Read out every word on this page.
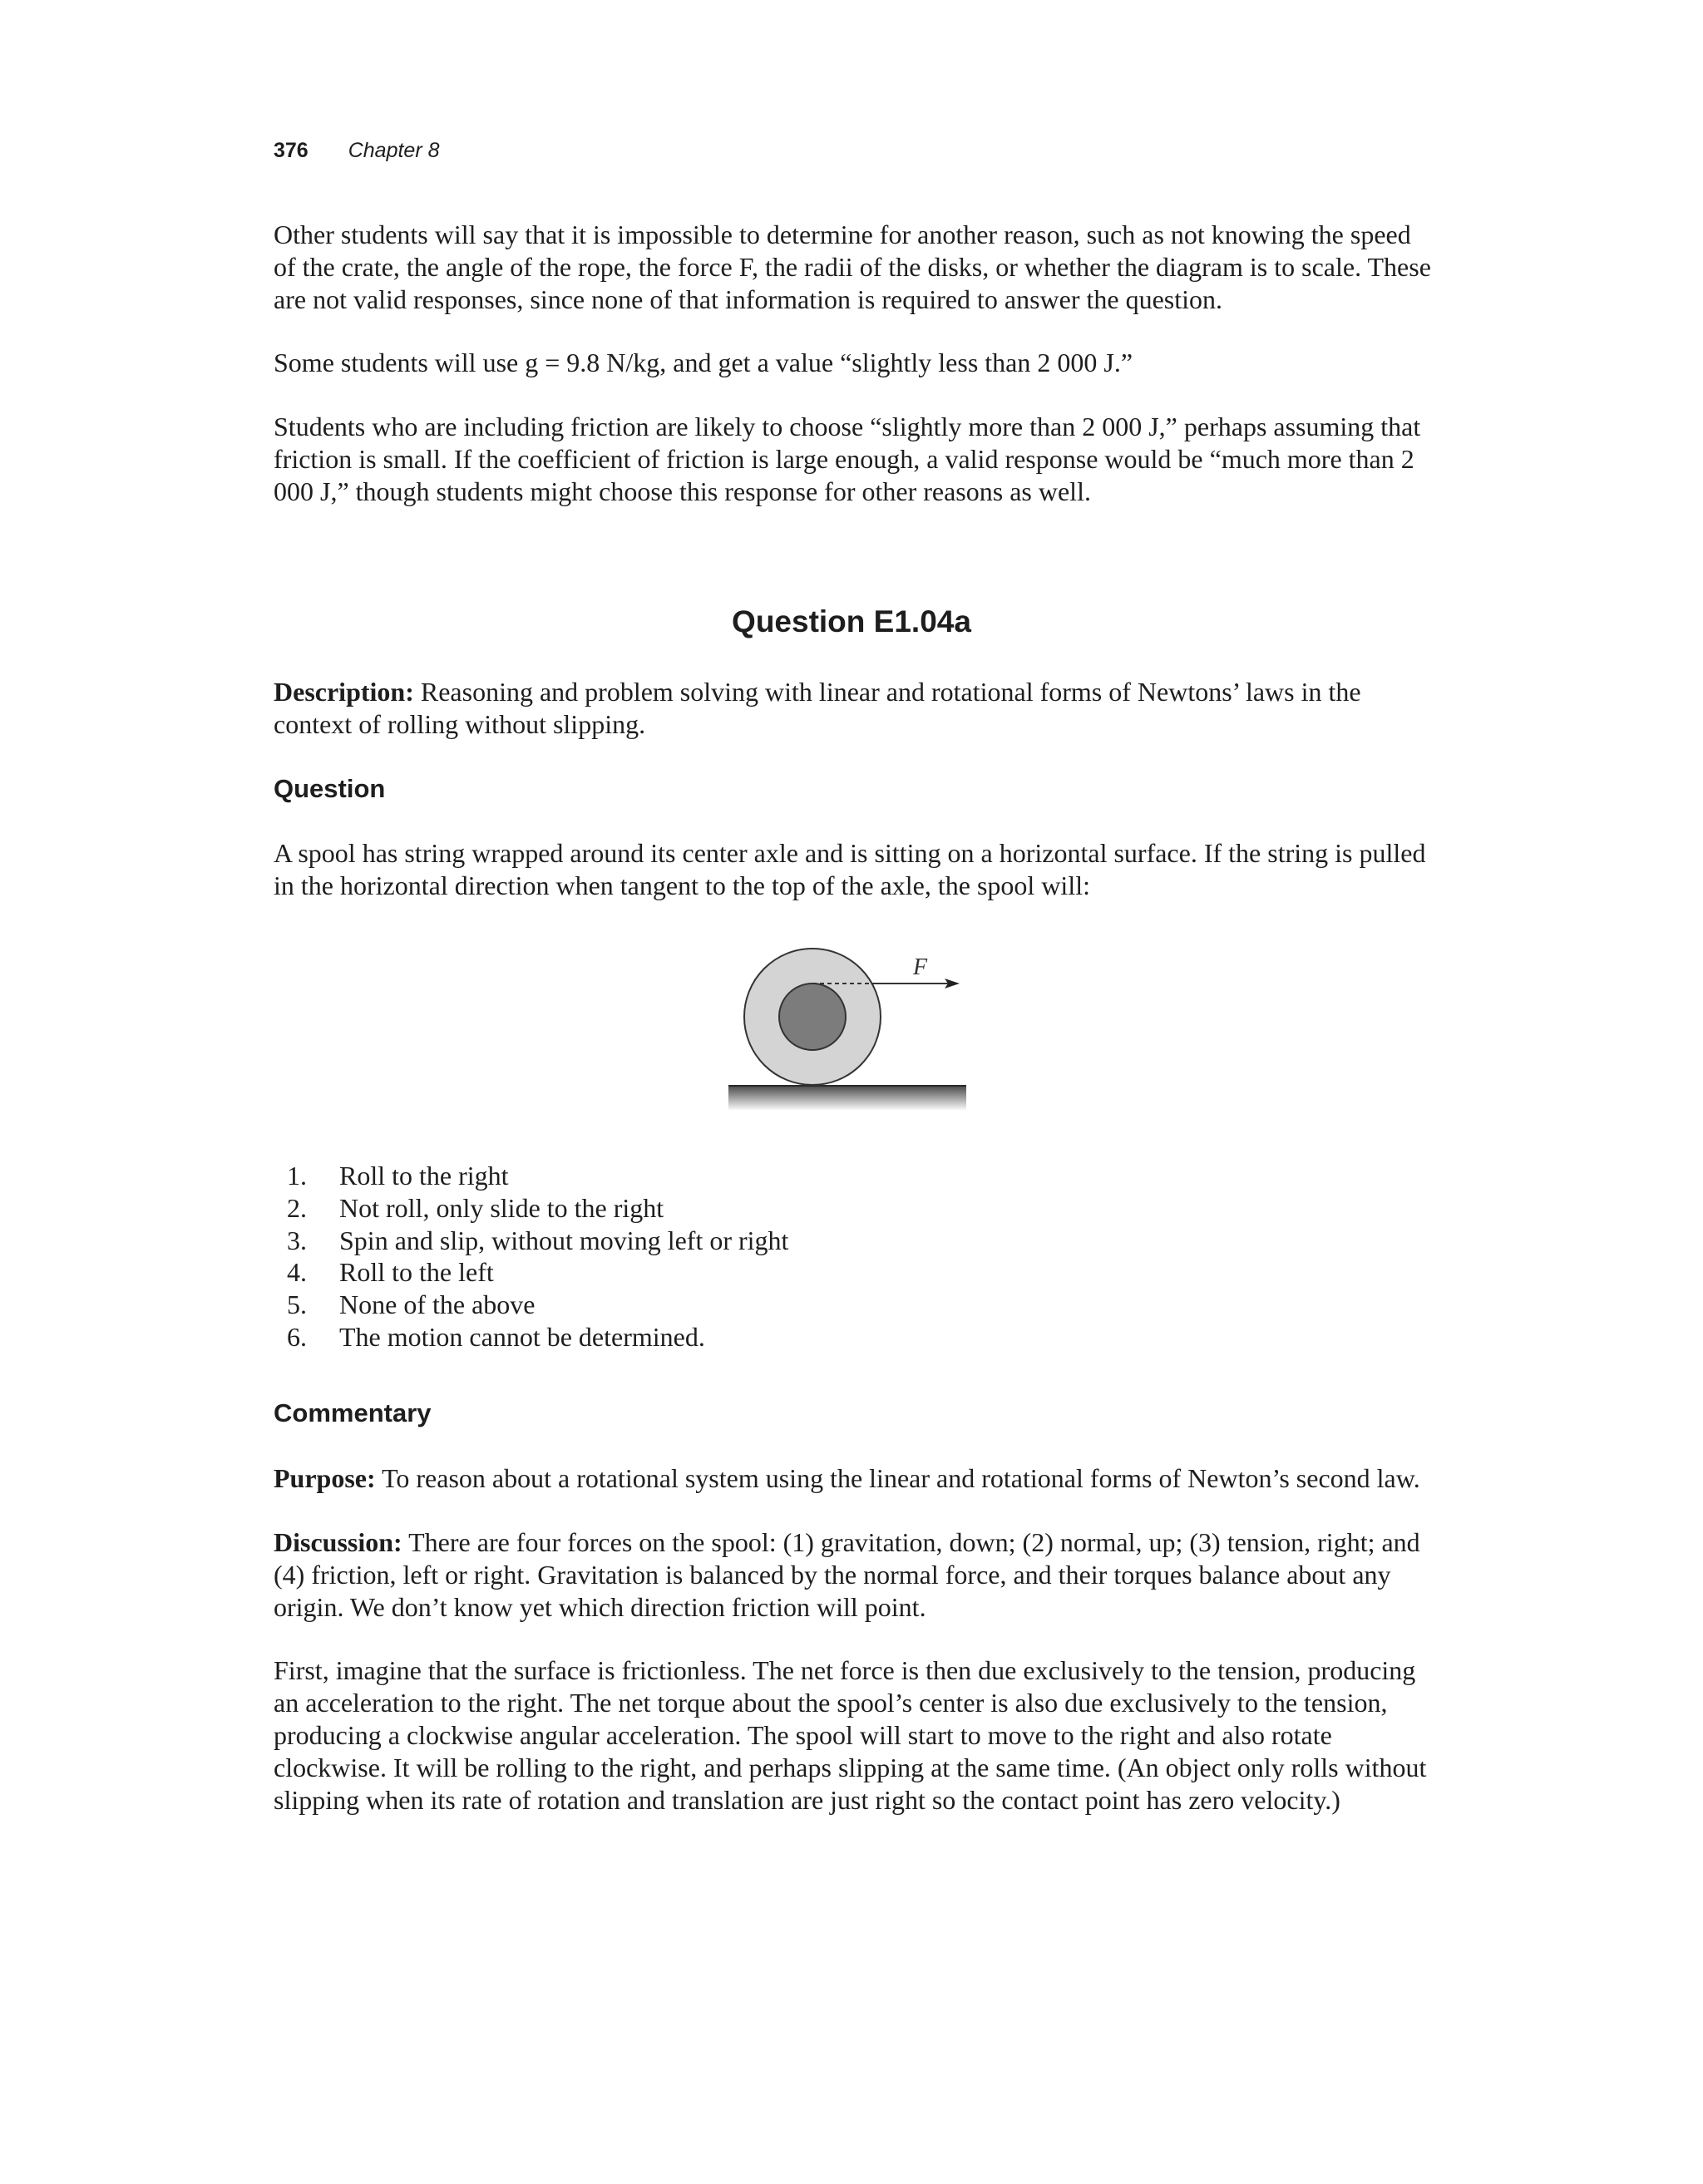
376 Chapter 8

Other students will say that it is impossible to determine for another reason, such as not knowing the speed of the crate, the angle of the rope, the force F, the radii of the disks, or whether the diagram is to scale. These are not valid responses, since none of that information is required to answer the question.

Some students will use g = 9.8 N/kg, and get a value “slightly less than 2 000 J.”

Students who are including friction are likely to choose “slightly more than 2 000 J,” perhaps assuming that friction is small. If the coefficient of friction is large enough, a valid response would be “much more than 2 000 J,” though students might choose this response for other reasons as well.

Question E1.04a

Description: Reasoning and problem solving with linear and rotational forms of Newtons’ laws in the context of rolling without slipping.

Question

A spool has string wrapped around its center axle and is sitting on a horizontal surface. If the string is pulled in the horizontal direction when tangent to the top of the axle, the spool will:

F
1.	Roll to the right
2.	Not roll, only slide to the right
3.	Spin and slip, without moving left or right
4.	Roll to the left
5.	None of the above
6.	The motion cannot be determined.
Commentary

Purpose: To reason about a rotational system using the linear and rotational forms of Newton’s second law.

Discussion: There are four forces on the spool: (1) gravitation, down; (2) normal, up; (3) tension, right; and (4) friction, left or right. Gravitation is balanced by the normal force, and their torques balance about any origin. We don’t know yet which direction friction will point.

First, imagine that the surface is frictionless. The net force is then due exclusively to the tension, producing an acceleration to the right. The net torque about the spool’s center is also due exclusively to the tension, producing a clockwise angular acceleration. The spool will start to move to the right and also rotate clockwise. It will be rolling to the right, and perhaps slipping at the same time. (An object only rolls without slipping when its rate of rotation and translation are just right so the contact point has zero velocity.)
